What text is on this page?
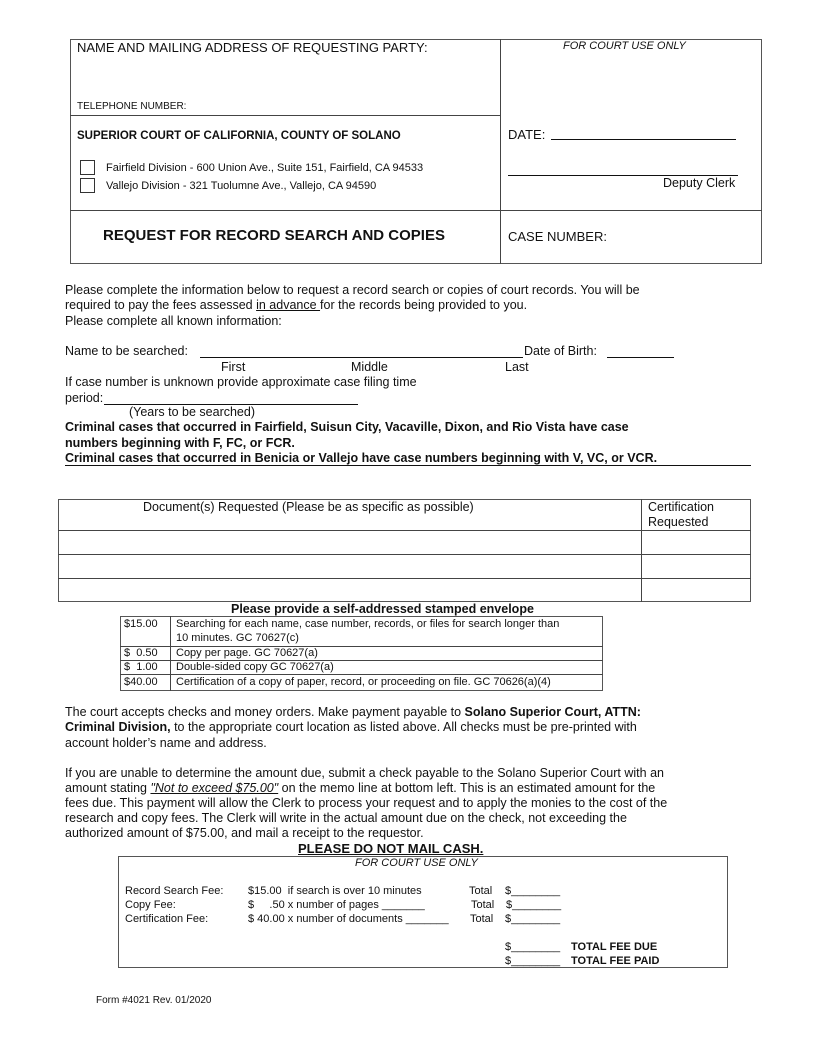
NAME AND MAILING ADDRESS OF REQUESTING PARTY:
TELEPHONE NUMBER:
FOR COURT USE ONLY
SUPERIOR COURT OF CALIFORNIA, COUNTY OF SOLANO
Fairfield Division - 600 Union Ave., Suite 151, Fairfield, CA 94533
Vallejo Division - 321 Tuolumne Ave., Vallejo, CA 94590
DATE:
Deputy Clerk
REQUEST FOR RECORD SEARCH AND COPIES	CASE NUMBER:
Please complete the information below to request a record search or copies of court records. You will be
required to pay the fees assessed in advance for the records being provided to you.
Please complete all known information:
Name to be searched:	Date of Birth:
First	Middle	Last
If case number is unknown provide approximate case filing time
period:
(Years to be searched)
Criminal cases that occurred in Fairfield, Suisun City, Vacaville, Dixon, and Rio Vista have case
numbers beginning with F, FC, or FCR.
Criminal cases that occurred in Benicia or Vallejo have case numbers beginning with V, VC, or VCR.
Document(s) Requested (Please be as specific as possible)	Certification
Requested
Please provide a self-addressed stamped envelope
$15.00 Searching for each name, case number, records, or files for search longer than
10 minutes. GC 70627(c)
$  0.50 Copy per page. GC 70627(a)
$  1.00 Double-sided copy GC 70627(a)
$40.00 Certification of a copy of paper, record, or proceeding on file. GC 70626(a)(4)
The court accepts checks and money orders. Make payment payable to Solano Superior Court, ATTN:
Criminal Division, to the appropriate court location as listed above. All checks must be pre-printed with
account holder’s name and address.
If you are unable to determine the amount due, submit a check payable to the Solano Superior Court with an
amount stating "Not to exceed $75.00" on the memo line at bottom left. This is an estimated amount for the
fees due. This payment will allow the Clerk to process your request and to apply the monies to the cost of the
research and copy fees. The Clerk will write in the actual amount due on the check, not exceeding the
authorized amount of $75.00, and mail a receipt to the requestor.
PLEASE DO NOT MAIL CASH.
FOR COURT USE ONLY
Record Search Fee: $15.00  if search is over 10 minutes	Total $________
Copy Fee:	$     .50 x number of pages _______	Total $________
Certification Fee:	$ 40.00 x number of documents _______ Total $________
$________ TOTAL FEE DUE
$________ TOTAL FEE PAID
Form #4021 Rev. 01/2020
